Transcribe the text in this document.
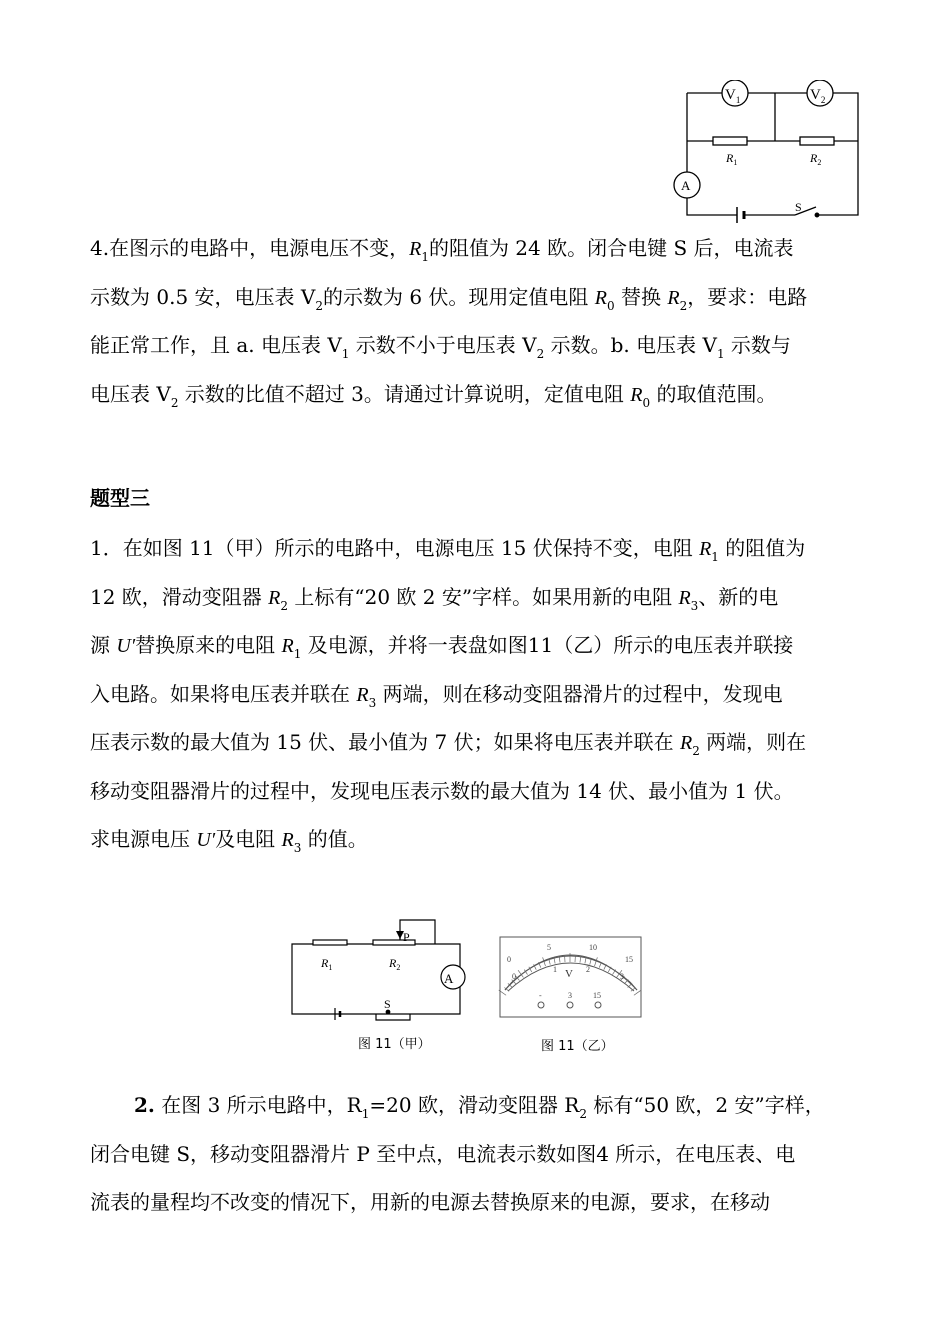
$V_1$	$V_2$
A
$R_1$	$R_2$
S
4.在图示的电路中，电源电压不变，$R_1$的阻值为 24 欧。闭合电键 S 后，电流表
示数为 0.5 安，电压表 $V_2$的示数为 6 伏。现用定值电阻 $R_0$ 替换 $R_2$，要求：电路
能正常工作，且 a. 电压表 $V_1$ 示数不小于电压表 $V_2$ 示数。b. 电压表 $V_1$ 示数与
电压表 $V_2$ 示数的比值不超过 3。请通过计算说明，定值电阻 $R_0$ 的取值范围。
题型三
1．在如图 11（甲）所示的电路中，电源电压 15 伏保持不变，电阻 $R_1$ 的阻值为
12 欧，滑动变阻器 $R_2$ 上标有“20 欧 2 安”字样。如果用新的电阻 $R_3$、新的电
源 U′替换原来的电阻 $R_1$ 及电源，并将一表盘如图11（乙）所示的电压表并联接
入电路。如果将电压表并联在 $R_3$ 两端，则在移动变阻器滑片的过程中，发现电
压表示数的最大值为 15 伏、最小值为 7 伏；如果将电压表并联在 $R_2$ 两端，则在
移动变阻器滑片的过程中，发现电压表示数的最大值为 14 伏、最小值为 1 伏。
求电源电压 U′及电阻 $R_3$ 的值。
P
$R_1$	$R_2$
A
S
图 11（甲）
0
5	10
15
0
1	2
3
V
-	3	15
图 11（乙）
2. 在图 3 所示电路中，$R_1=20$ 欧，滑动变阻器 $R_2$ 标有“50 欧，2 安”字样，
闭合电键 S，移动变阻器滑片 P 至中点，电流表示数如图4 所示，在电压表、电
流表的量程均不改变的情况下，用新的电源去替换原来的电源，要求，在移动
